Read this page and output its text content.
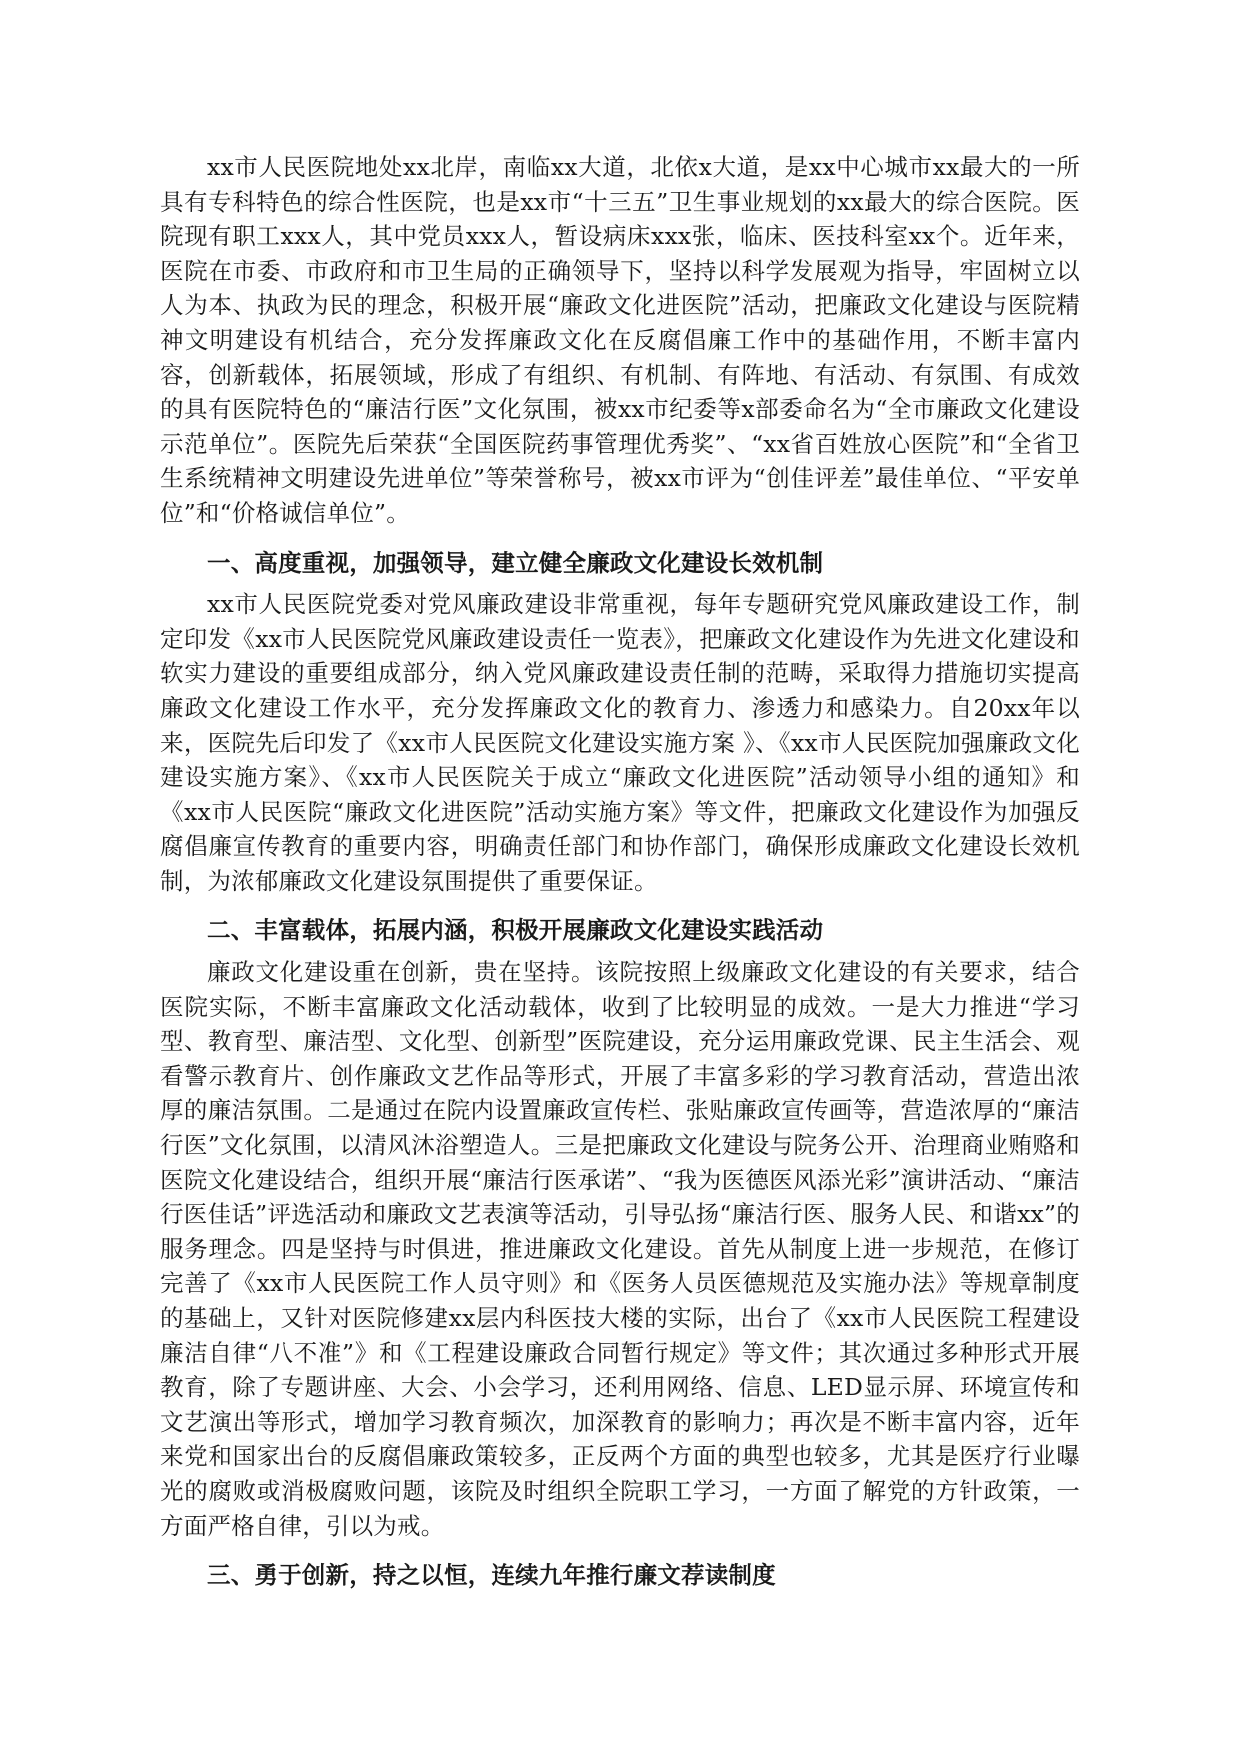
xx市人民医院地处xx北岸，南临xx大道，北依x大道，是xx中心城市xx最大的一所具有专科特色的综合性医院，也是xx市“十三五”卫生事业规划的xx最大的综合医院。医院现有职工xxx人，其中党员xxx人，暂设病床xxx张，临床、医技科室xx个。近年来，医院在市委、市政府和市卫生局的正确领导下，坚持以科学发展观为指导，牢固树立以人为本、执政为民的理念，积极开展“廉政文化进医院”活动，把廉政文化建设与医院精神文明建设有机结合，充分发挥廉政文化在反腐倡廉工作中的基础作用，不断丰富内容，创新载体，拓展领域，形成了有组织、有机制、有阵地、有活动、有氛围、有成效的具有医院特色的“廉洁行医”文化氛围，被xx市纪委等x部委命名为“全市廉政文化建设示范单位”。医院先后荣获“全国医院药事管理优秀奖”、“xx省百姓放心医院”和“全省卫生系统精神文明建设先进单位”等荣誉称号，被xx市评为“创佳评差”最佳单位、“平安单位”和“价格诚信单位”。

一、高度重视，加强领导，建立健全廉政文化建设长效机制

xx市人民医院党委对党风廉政建设非常重视，每年专题研究党风廉政建设工作，制定印发《xx市人民医院党风廉政建设责任一览表》，把廉政文化建设作为先进文化建设和软实力建设的重要组成部分，纳入党风廉政建设责任制的范畴，采取得力措施切实提高廉政文化建设工作水平，充分发挥廉政文化的教育力、渗透力和感染力。自20xx年以来，医院先后印发了《xx市人民医院文化建设实施方案 》、《xx市人民医院加强廉政文化建设实施方案》、《xx市人民医院关于成立“廉政文化进医院”活动领导小组的通知》和《xx市人民医院“廉政文化进医院”活动实施方案》等文件，把廉政文化建设作为加强反腐倡廉宣传教育的重要内容，明确责任部门和协作部门，确保形成廉政文化建设长效机制，为浓郁廉政文化建设氛围提供了重要保证。

二、丰富载体，拓展内涵，积极开展廉政文化建设实践活动

廉政文化建设重在创新，贵在坚持。该院按照上级廉政文化建设的有关要求，结合医院实际，不断丰富廉政文化活动载体，收到了比较明显的成效。一是大力推进“学习型、教育型、廉洁型、文化型、创新型”医院建设，充分运用廉政党课、民主生活会、观看警示教育片、创作廉政文艺作品等形式，开展了丰富多彩的学习教育活动，营造出浓厚的廉洁氛围。二是通过在院内设置廉政宣传栏、张贴廉政宣传画等，营造浓厚的“廉洁行医”文化氛围，以清风沐浴塑造人。三是把廉政文化建设与院务公开、治理商业贿赂和医院文化建设结合，组织开展“廉洁行医承诺”、“我为医德医风添光彩”演讲活动、“廉洁行医佳话”评选活动和廉政文艺表演等活动，引导弘扬“廉洁行医、服务人民、和谐xx”的服务理念。四是坚持与时俱进，推进廉政文化建设。首先从制度上进一步规范，在修订完善了《xx市人民医院工作人员守则》和《医务人员医德规范及实施办法》等规章制度的基础上，又针对医院修建xx层内科医技大楼的实际，出台了《xx市人民医院工程建设廉洁自律“八不准”》和《工程建设廉政合同暂行规定》等文件；其次通过多种形式开展教育，除了专题讲座、大会、小会学习，还利用网络、信息、LED显示屏、环境宣传和文艺演出等形式，增加学习教育频次，加深教育的影响力；再次是不断丰富内容，近年来党和国家出台的反腐倡廉政策较多，正反两个方面的典型也较多，尤其是医疗行业曝光的腐败或消极腐败问题，该院及时组织全院职工学习，一方面了解党的方针政策，一方面严格自律，引以为戒。

三、勇于创新，持之以恒，连续九年推行廉文荐读制度
